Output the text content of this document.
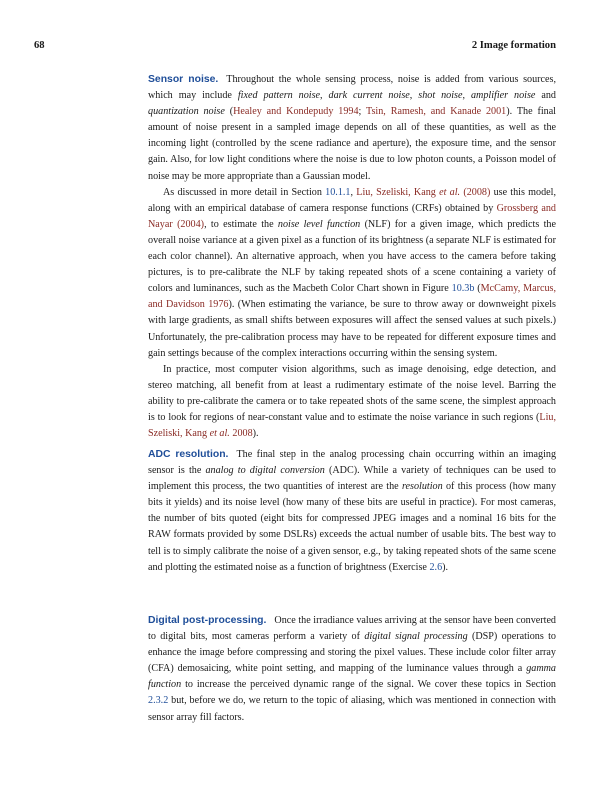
68	2 Image formation

Sensor noise. Throughout the whole sensing process, noise is added from various sources, which may include fixed pattern noise, dark current noise, shot noise, amplifier noise and quantization noise (Healey and Kondepudy 1994; Tsin, Ramesh, and Kanade 2001). The final amount of noise present in a sampled image depends on all of these quantities, as well as the incoming light (controlled by the scene radiance and aperture), the exposure time, and the sensor gain. Also, for low light conditions where the noise is due to low photon counts, a Poisson model of noise may be more appropriate than a Gaussian model.

As discussed in more detail in Section 10.1.1, Liu, Szeliski, Kang et al. (2008) use this model, along with an empirical database of camera response functions (CRFs) obtained by Grossberg and Nayar (2004), to estimate the noise level function (NLF) for a given image, which predicts the overall noise variance at a given pixel as a function of its brightness (a separate NLF is estimated for each color channel). An alternative approach, when you have access to the camera before taking pictures, is to pre-calibrate the NLF by taking repeated shots of a scene containing a variety of colors and luminances, such as the Macbeth Color Chart shown in Figure 10.3b (McCamy, Marcus, and Davidson 1976). (When estimating the variance, be sure to throw away or downweight pixels with large gradients, as small shifts between exposures will affect the sensed values at such pixels.) Unfortunately, the pre-calibration process may have to be repeated for different exposure times and gain settings because of the complex interactions occurring within the sensing system.

In practice, most computer vision algorithms, such as image denoising, edge detection, and stereo matching, all benefit from at least a rudimentary estimate of the noise level. Barring the ability to pre-calibrate the camera or to take repeated shots of the same scene, the simplest approach is to look for regions of near-constant value and to estimate the noise variance in such regions (Liu, Szeliski, Kang et al. 2008).

ADC resolution. The final step in the analog processing chain occurring within an imaging sensor is the analog to digital conversion (ADC). While a variety of techniques can be used to implement this process, the two quantities of interest are the resolution of this process (how many bits it yields) and its noise level (how many of these bits are useful in practice). For most cameras, the number of bits quoted (eight bits for compressed JPEG images and a nominal 16 bits for the RAW formats provided by some DSLRs) exceeds the actual number of usable bits. The best way to tell is to simply calibrate the noise of a given sensor, e.g., by taking repeated shots of the same scene and plotting the estimated noise as a function of brightness (Exercise 2.6).

Digital post-processing. Once the irradiance values arriving at the sensor have been converted to digital bits, most cameras perform a variety of digital signal processing (DSP) operations to enhance the image before compressing and storing the pixel values. These include color filter array (CFA) demosaicing, white point setting, and mapping of the luminance values through a gamma function to increase the perceived dynamic range of the signal. We cover these topics in Section 2.3.2 but, before we do, we return to the topic of aliasing, which was mentioned in connection with sensor array fill factors.
